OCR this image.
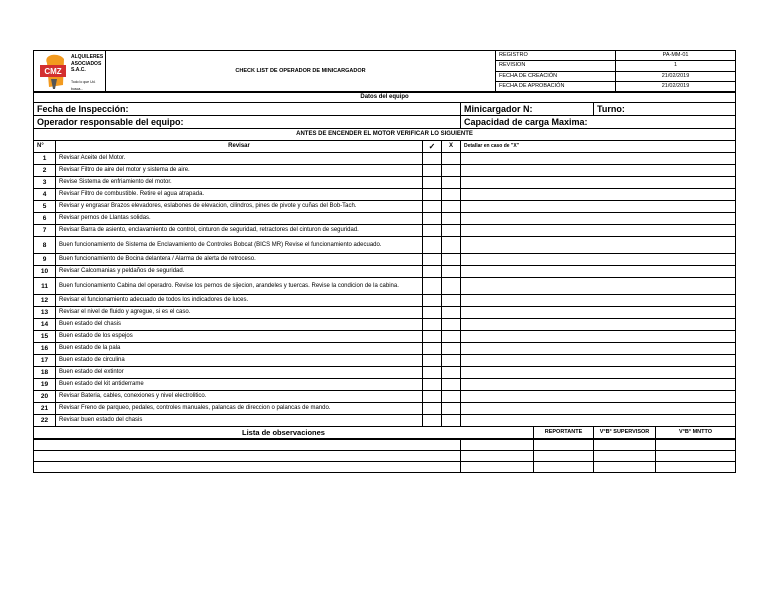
CMZ
ALQUILERES
ASOCIADOS
S.A.C.
Todo lo que Ud. busca...	CHECK LIST DE OPERADOR DE MINICARGADOR	REGISTRO	PA-MM-01
		REVISION	1
		FECHA DE CREACIÓN	21/02/2019
		FECHA DE APROBACIÓN	21/02/2019
Datos del equipo								
Fecha de Inspección:				Minicargador N:		Turno:		
Operador responsable del equipo:				Capacidad de carga Maxima:				
ANTES DE ENCENDER EL MOTOR VERIFICAR LO SIGUIENTE								
N°	Revisar	✓	X	Detallar en caso de "X"				
1	Revisar Aceite del Motor.							
2	Revisar Filtro de aire del motor y sistema de aire.							
3	Revise Sistema de enfriamiento del motor.							
4	Revisar Filtro de combustible. Retire el agua atrapada.							
5	Revisar y engrasar Brazos elevadores, eslabones de elevacion, cilindros, pines de pivote y cuñas del Bob-Tach.							
6	Revisar pernos de Llantas solidas.							
7	Revisar Barra de asiento, enclavamiento de control, cinturon de seguridad, retractores del cinturon de seguridad.							
8	Buen funcionamiento de Sistema de Enclavamiento de Controles Bobcat (BICS MR) Revise el funcionamiento adecuado.							
9	Buen funcionamiento de Bocina delantera / Alarma de alerta de retroceso.							
10	Revisar Calcomanias y peldaños de seguridad.							
11	Buen funcionamiento Cabina del operadro. Revise los pernos de sijecion, arandeles y tuercas. Revise la condicion de la cabina.							
12	Revisar el funcionamiento adecuado de todos los indicadores de luces.							
13	Revisar el nivel de fluido y agregue, si es el caso.							
14	Buen estado del chasis							
15	Buen estado de los espejos							
16	Buen estado de la pala							
17	Buen estado de circulina							
18	Buen estado del extintor							
19	Buen estado del kit antiderrame							
20	Revisar Bateria, cables, conexiones y nivel electrolitico.							
21	Revisar Freno de parqueo, pedales, controles manuales, palancas de direccion o palancas de mando.							
22	Revisar buen estado del chasis							
Lista de observaciones					REPORTANTE	V°B° SUPERVISOR	V°B° MNTTO	
